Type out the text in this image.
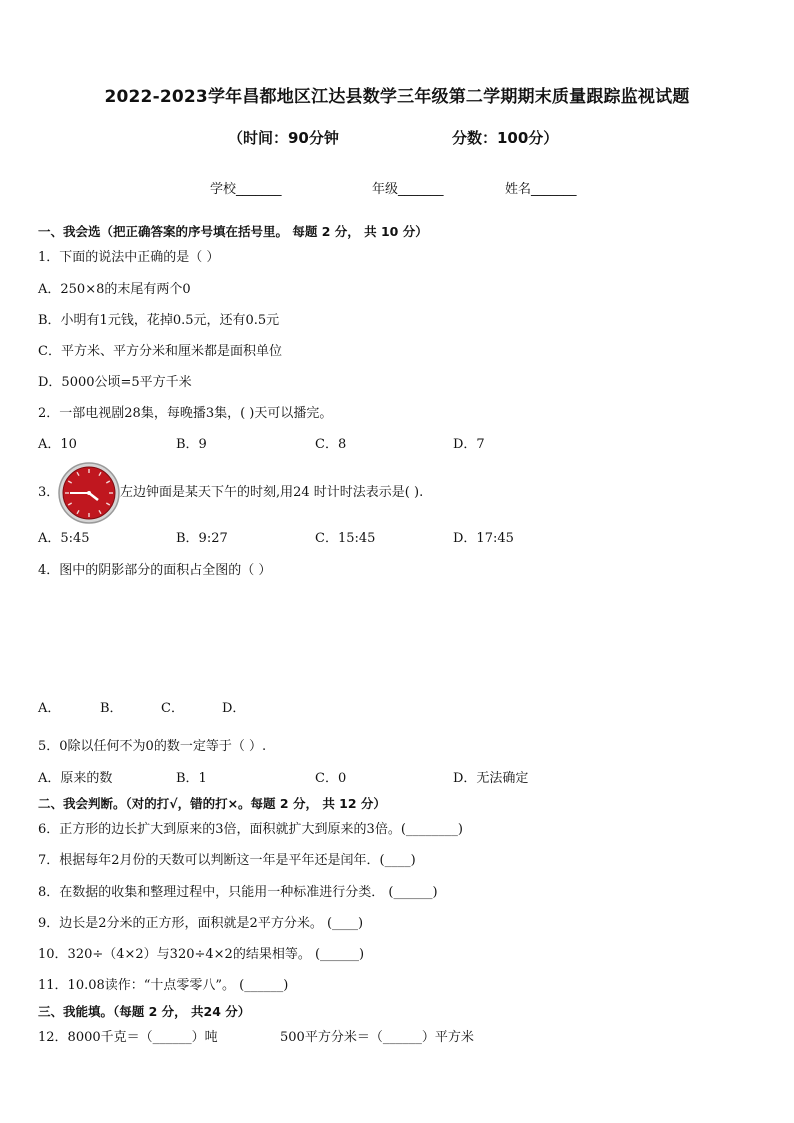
2022-2023学年昌都地区江达县数学三年级第二学期期末质量跟踪监视试题
（时间：90分钟	分数：100分）
学校_______	年级_______	姓名_______
一、我会选（把正确答案的序号填在括号里。 每题 2 分， 共 10 分）
1．下面的说法中正确的是（ ）
A．250×8的末尾有两个0
B．小明有1元钱，花掉0.5元，还有0.5元
C．平方米、平方分米和厘米都是面积单位
D．5000公顷=5平方千米
2．一部电视剧28集，每晚播3集，( )天可以播完。
A．10	B．9	C．8	D．7
3．	左边钟面是某天下午的时刻,用24 时计时法表示是( ).
A．5:45	B．9:27	C．15:45	D．17:45
4．图中的阴影部分的面积占全图的（ ）
A．	B．	C．	D．
5．0除以任何不为0的数一定等于（ ）.
A．原来的数	B．1	C．0	D．无法确定
二、我会判断。（对的打√，错的打×。每题 2 分， 共 12 分）
6．正方形的边长扩大到原来的3倍，面积就扩大到原来的3倍。(________)
7．根据每年2月份的天数可以判断这一年是平年还是闰年．(____)
8．在数据的收集和整理过程中，只能用一种标准进行分类． (______)
9．边长是2分米的正方形，面积就是2平方分米。 (____)
10．320÷（4×2）与320÷4×2的结果相等。 (______)
11．10.08读作：“十点零零八”。 (______)
三、我能填。（每题 2 分， 共24 分）
12．8000千克＝（______）吨	500平方分米＝（______）平方米
